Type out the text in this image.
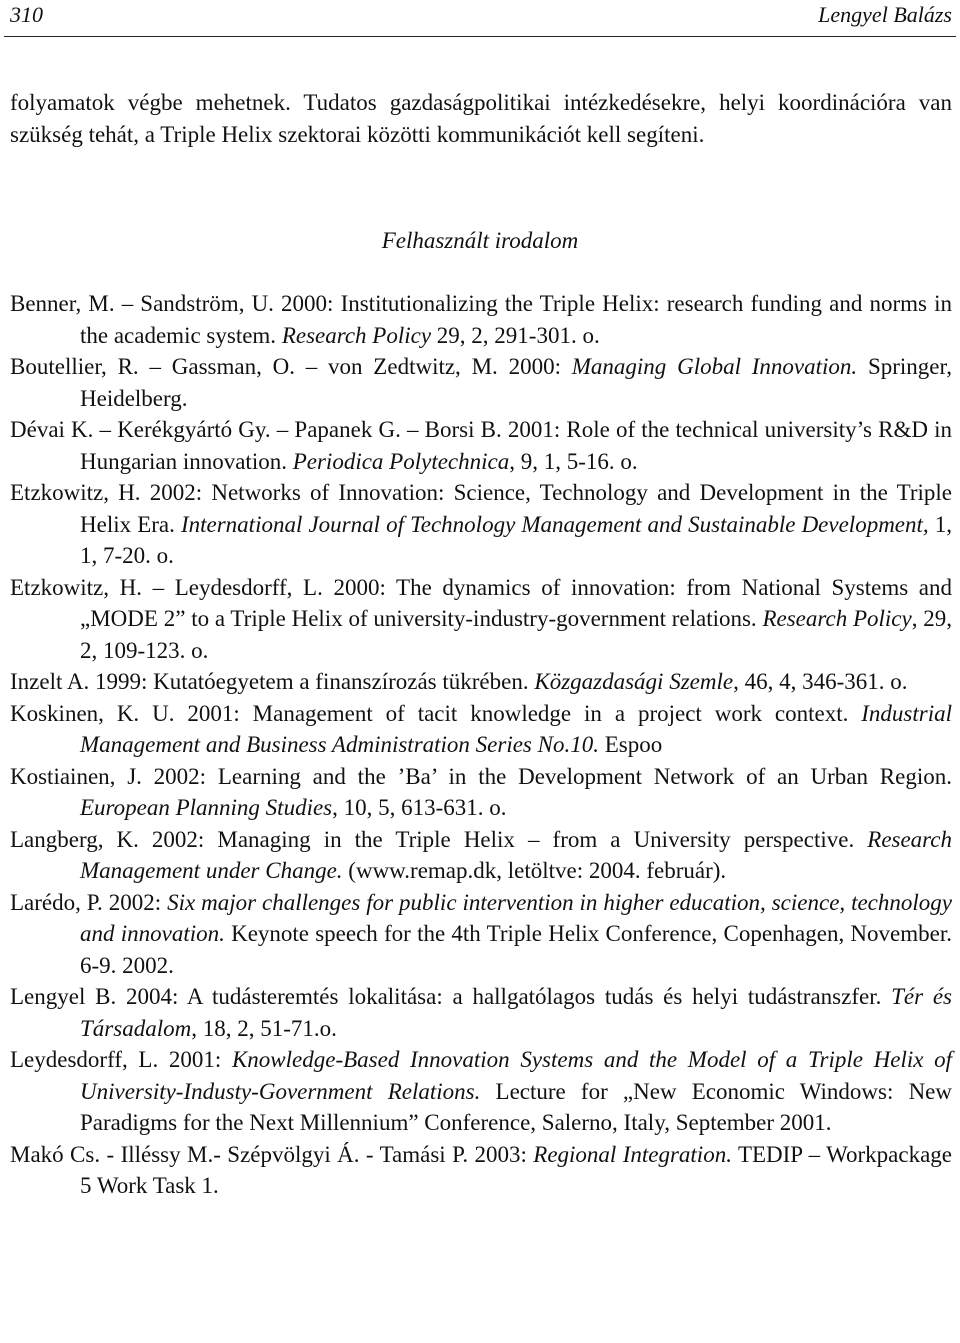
310	Lengyel Balázs

folyamatok végbe mehetnek. Tudatos gazdaságpolitikai intézkedésekre, helyi koordinációra van szükség tehát, a Triple Helix szektorai közötti kommunikációt kell segíteni.

Felhasznált irodalom
Benner, M. – Sandström, U. 2000: Institutionalizing the Triple Helix: research funding and norms in the academic system. Research Policy 29, 2, 291-301. o.
Boutellier, R. – Gassman, O. – von Zedtwitz, M. 2000: Managing Global Innovation. Springer, Heidelberg.
Dévai K. – Kerékgyártó Gy. – Papanek G. – Borsi B. 2001: Role of the technical university’s R&D in Hungarian innovation. Periodica Polytechnica, 9, 1, 5-16. o.
Etzkowitz, H. 2002: Networks of Innovation: Science, Technology and Development in the Triple Helix Era. International Journal of Technology Management and Sustainable Development, 1, 1, 7-20. o.
Etzkowitz, H. – Leydesdorff, L. 2000: The dynamics of innovation: from National Systems and „MODE 2” to a Triple Helix of university-industry-government relations. Research Policy, 29, 2, 109-123. o.
Inzelt A. 1999: Kutatóegyetem a finanszírozás tükrében. Közgazdasági Szemle, 46, 4, 346-361. o.
Koskinen, K. U. 2001: Management of tacit knowledge in a project work context. Industrial Management and Business Administration Series No.10. Espoo
Kostiainen, J. 2002: Learning and the ’Ba’ in the Development Network of an Urban Region. European Planning Studies, 10, 5, 613-631. o.
Langberg, K. 2002: Managing in the Triple Helix – from a University perspective. Research Management under Change. (www.remap.dk, letöltve: 2004. február).
Larédo, P. 2002: Six major challenges for public intervention in higher education, science, technology and innovation. Keynote speech for the 4th Triple Helix Conference, Copenhagen, November. 6-9. 2002.
Lengyel B. 2004: A tudásteremtés lokalitása: a hallgatólagos tudás és helyi tudástranszfer. Tér és Társadalom, 18, 2, 51-71.o.
Leydesdorff, L. 2001: Knowledge-Based Innovation Systems and the Model of a Triple Helix of University-Industy-Government Relations. Lecture for „New Economic Windows: New Paradigms for the Next Millennium” Conference, Salerno, Italy, September 2001.
Makó Cs. - Illéssy M.- Szépvölgyi Á. - Tamási P. 2003: Regional Integration. TEDIP – Workpackage 5 Work Task 1.
